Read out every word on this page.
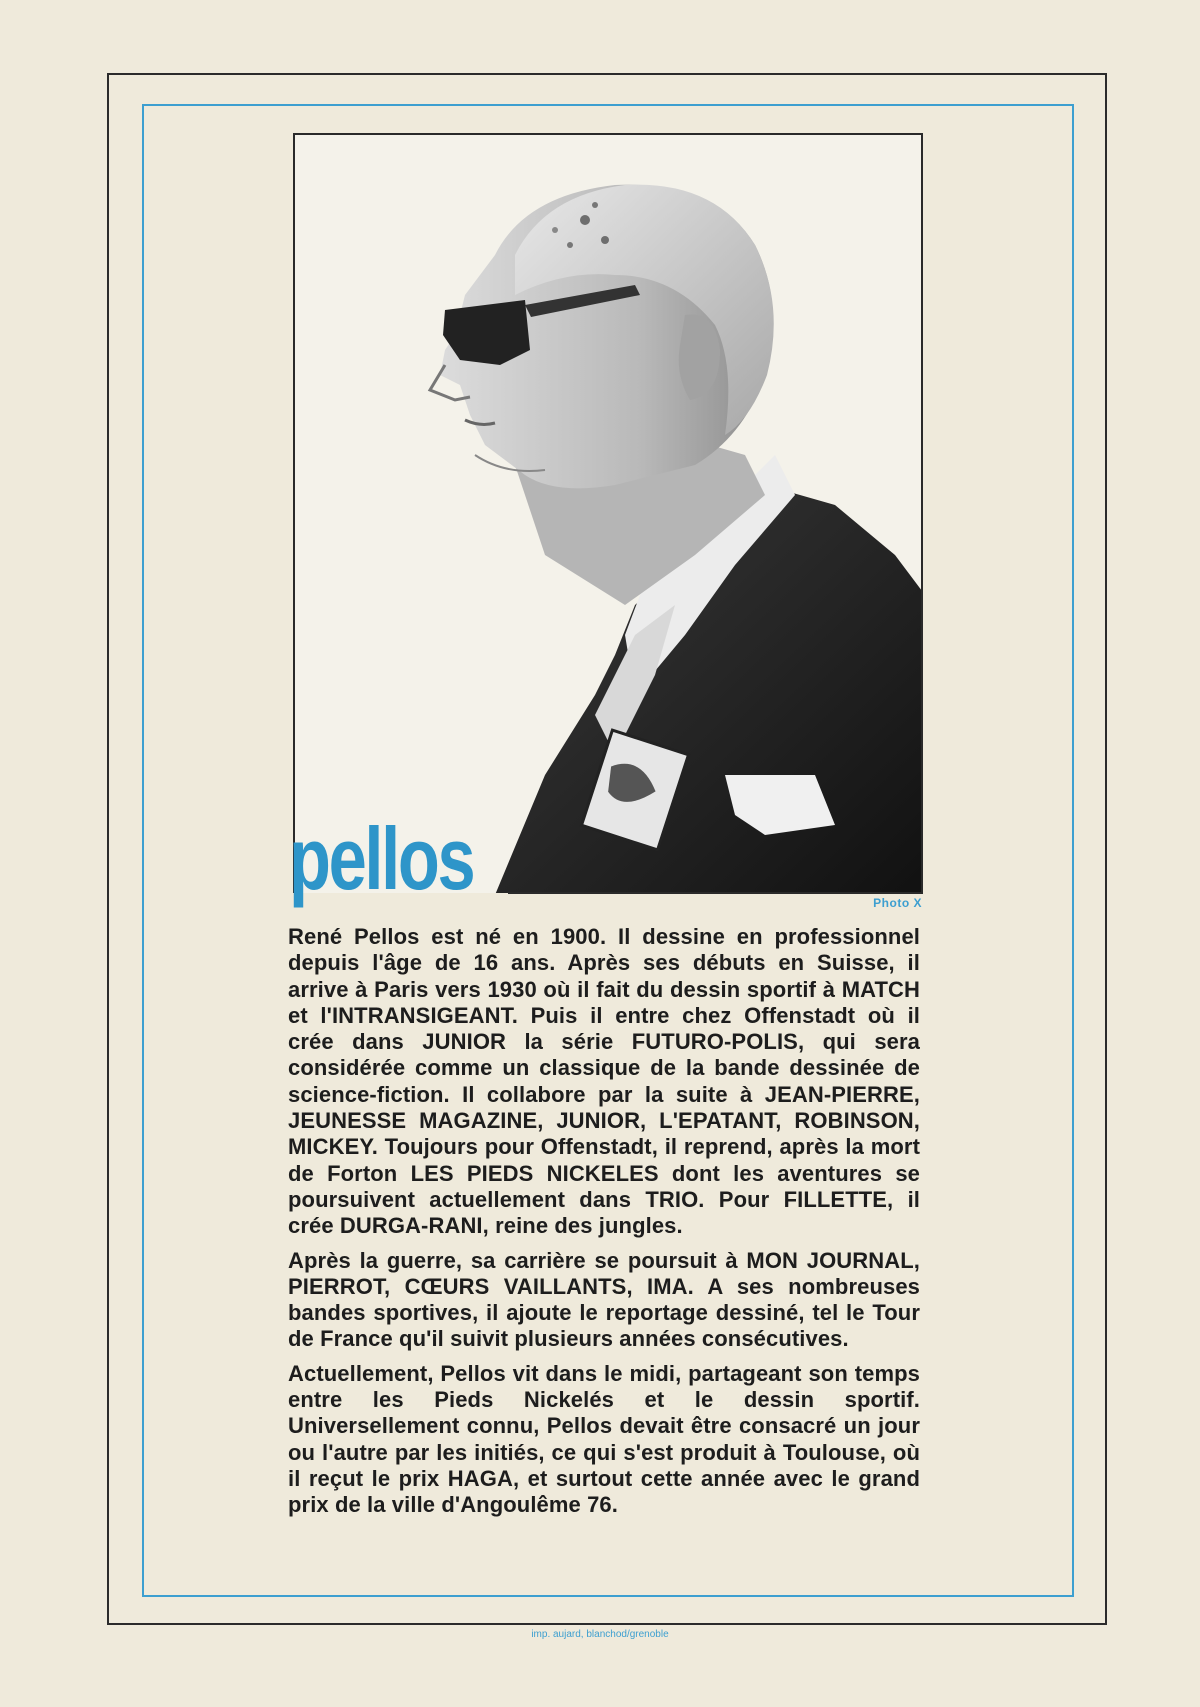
pellos	Photo X

René Pellos est né en 1900. Il dessine en professionnel depuis l'âge de 16 ans. Après ses débuts en Suisse, il arrive à Paris vers 1930 où il fait du dessin sportif à MATCH et l'INTRANSIGEANT. Puis il entre chez Offenstadt où il crée dans JUNIOR la série FUTURO-POLIS, qui sera considérée comme un classique de la bande dessinée de science-fiction. Il collabore par la suite à JEAN-PIERRE, JEUNESSE MAGAZINE, JUNIOR, L'EPATANT, ROBINSON, MICKEY. Toujours pour Offenstadt, il reprend, après la mort de Forton LES PIEDS NICKELES dont les aventures se poursuivent actuellement dans TRIO. Pour FILLETTE, il crée DURGA-RANI, reine des jungles.

Après la guerre, sa carrière se poursuit à MON JOURNAL, PIERROT, CŒURS VAILLANTS, IMA. A ses nombreuses bandes sportives, il ajoute le reportage dessiné, tel le Tour de France qu'il suivit plusieurs années consécutives.

Actuellement, Pellos vit dans le midi, partageant son temps entre les Pieds Nickelés et le dessin sportif. Universellement connu, Pellos devait être consacré un jour ou l'autre par les initiés, ce qui s'est produit à Toulouse, où il reçut le prix HAGA, et surtout cette année avec le grand prix de la ville d'Angoulême 76.

imp. aujard, blanchod/grenoble
